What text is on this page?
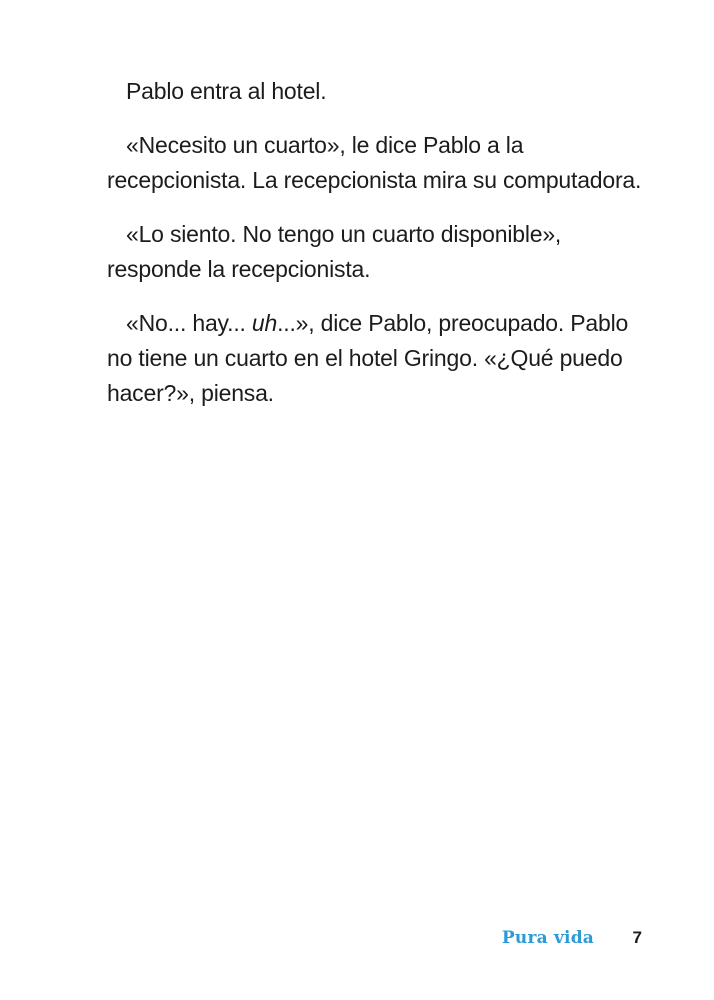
Pablo entra al hotel.

«Necesito un cuarto», le dice Pablo a la recepcionista. La recepcionista mira su computadora.

«Lo siento. No tengo un cuarto disponible», responde la recepcionista.

«No... hay... uh...», dice Pablo, preocupado. Pablo no tiene un cuarto en el hotel Gringo. «¿Qué puedo hacer?», piensa.

Pura vida 7
